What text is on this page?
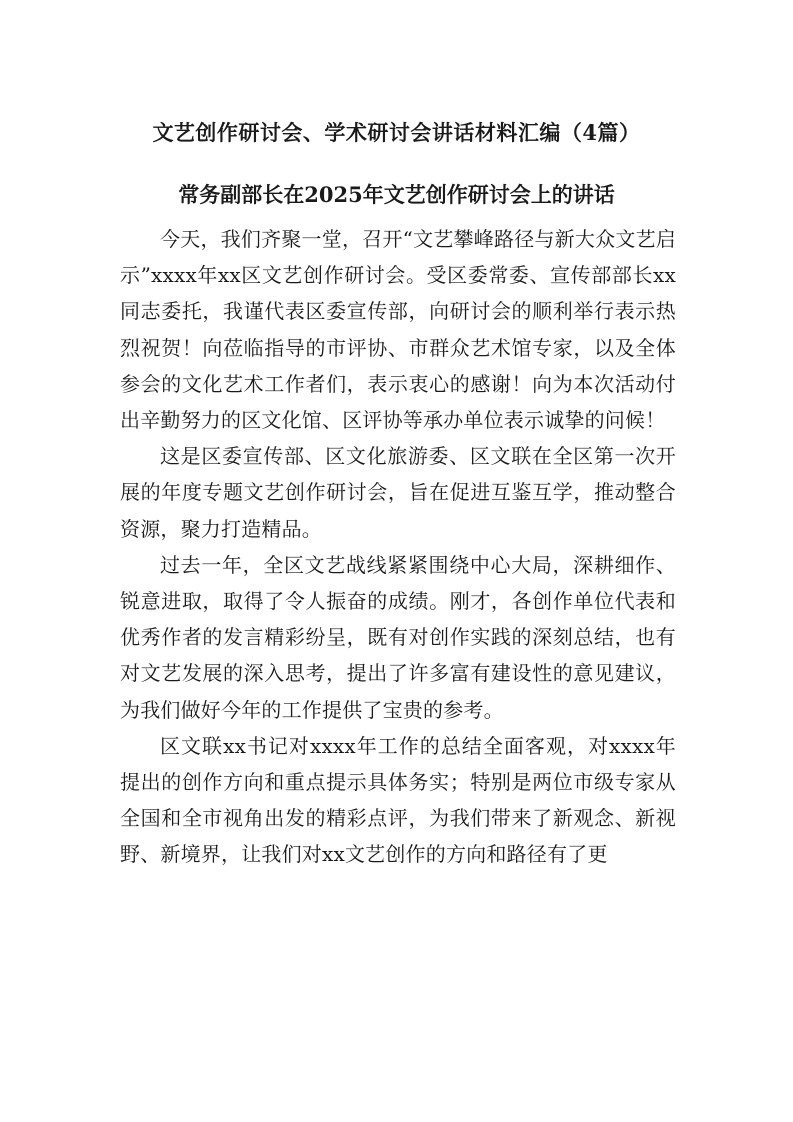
文艺创作研讨会、学术研讨会讲话材料汇编（4篇）
常务副部长在2025年文艺创作研讨会上的讲话

今天，我们齐聚一堂，召开“文艺攀峰路径与新大众文艺启示”xxxx年xx区文艺创作研讨会。受区委常委、宣传部部长xx同志委托，我谨代表区委宣传部，向研讨会的顺利举行表示热烈祝贺！向莅临指导的市评协、市群众艺术馆专家，以及全体参会的文化艺术工作者们，表示衷心的感谢！向为本次活动付出辛勤努力的区文化馆、区评协等承办单位表示诚挚的问候！

这是区委宣传部、区文化旅游委、区文联在全区第一次开展的年度专题文艺创作研讨会，旨在促进互鉴互学，推动整合资源，聚力打造精品。

过去一年，全区文艺战线紧紧围绕中心大局，深耕细作、锐意进取，取得了令人振奋的成绩。刚才，各创作单位代表和优秀作者的发言精彩纷呈，既有对创作实践的深刻总结，也有对文艺发展的深入思考，提出了许多富有建设性的意见建议，为我们做好今年的工作提供了宝贵的参考。

区文联xx书记对xxxx年工作的总结全面客观，对xxxx年提出的创作方向和重点提示具体务实；特别是两位市级专家从全国和全市视角出发的精彩点评，为我们带来了新观念、新视野、新境界，让我们对xx文艺创作的方向和路径有了更
